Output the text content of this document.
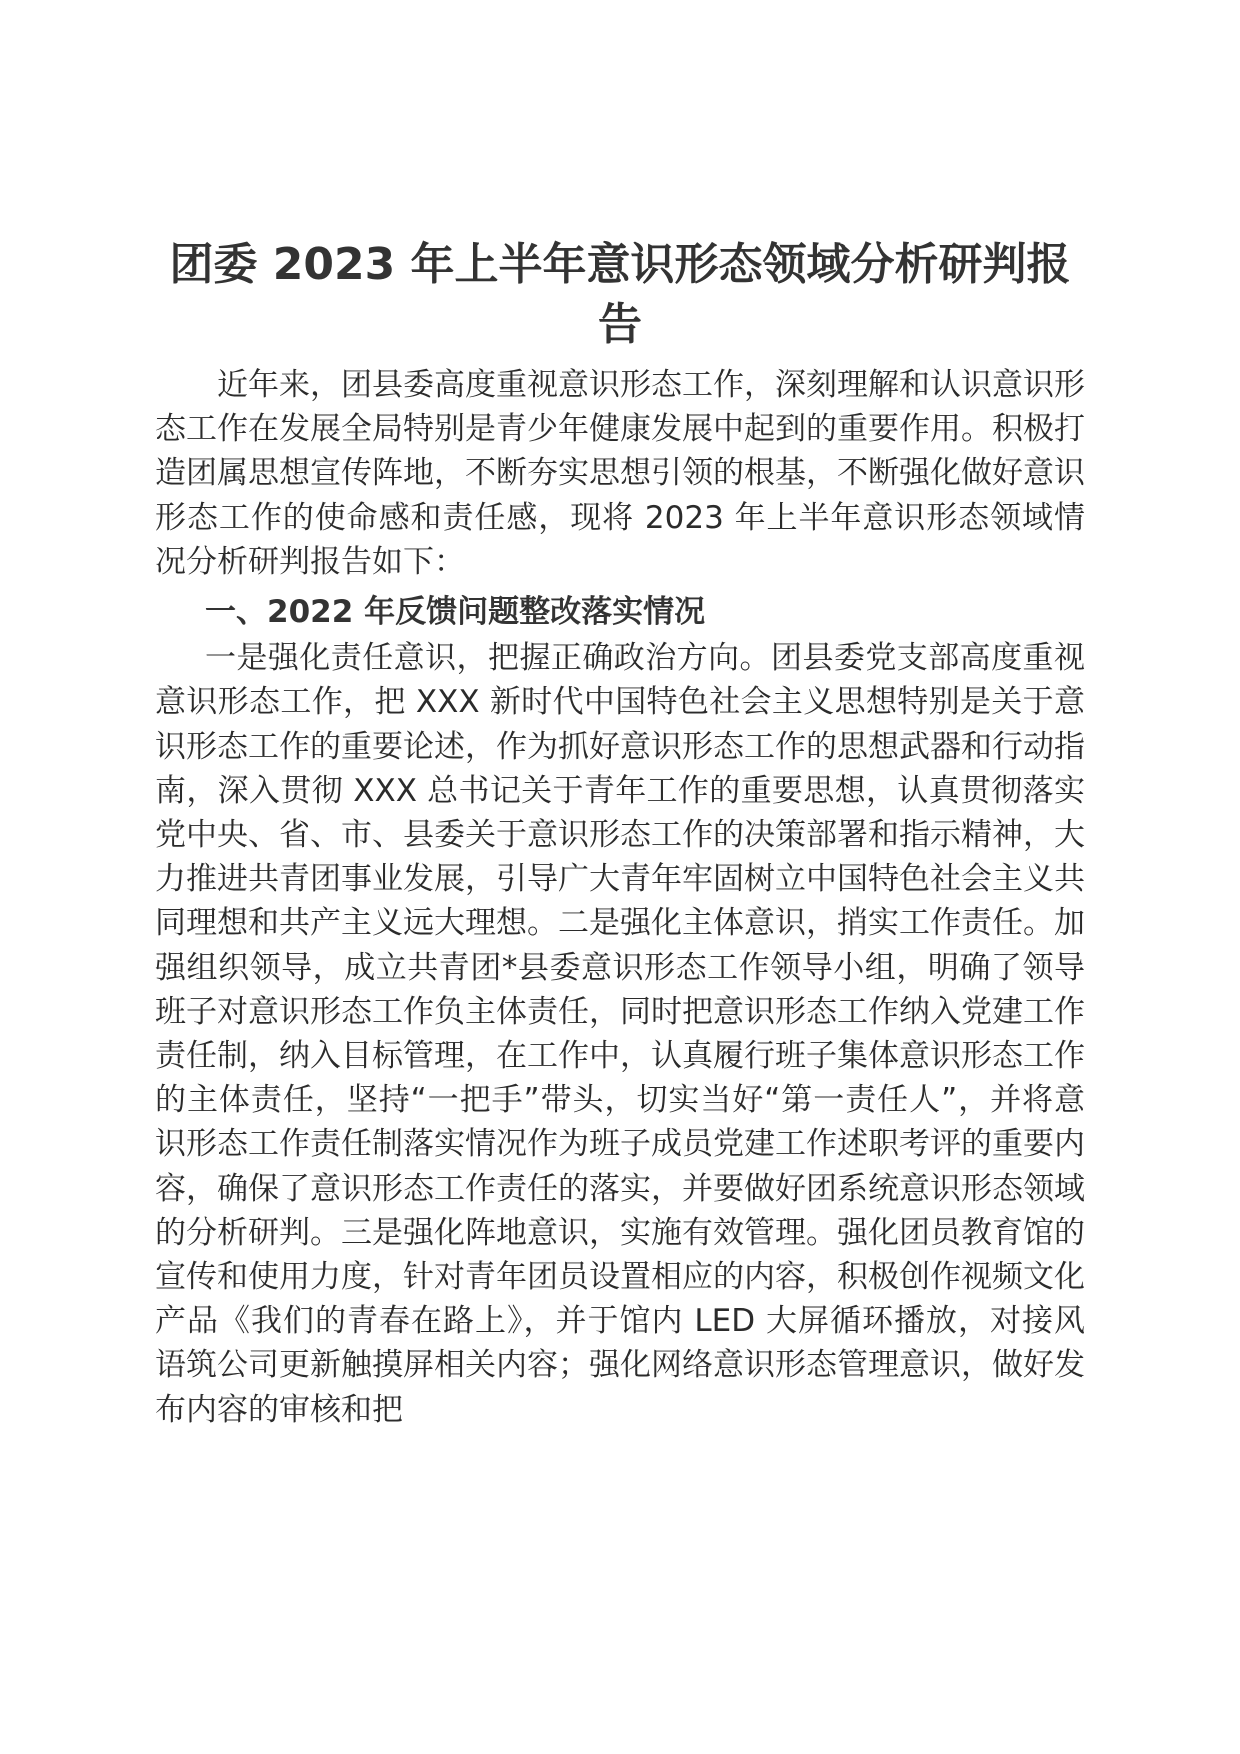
团委 2023 年上半年意识形态领域分析研判报告

近年来，团县委高度重视意识形态工作，深刻理解和认识意识形态工作在发展全局特别是青少年健康发展中起到的重要作用。积极打造团属思想宣传阵地，不断夯实思想引领的根基，不断强化做好意识形态工作的使命感和责任感，现将 2023 年上半年意识形态领域情况分析研判报告如下：

一、2022 年反馈问题整改落实情况

一是强化责任意识，把握正确政治方向。团县委党支部高度重视意识形态工作，把 XXX 新时代中国特色社会主义思想特别是关于意识形态工作的重要论述，作为抓好意识形态工作的思想武器和行动指南，深入贯彻 XXX 总书记关于青年工作的重要思想，认真贯彻落实党中央、省、市、县委关于意识形态工作的决策部署和指示精神，大力推进共青团事业发展，引导广大青年牢固树立中国特色社会主义共同理想和共产主义远大理想。二是强化主体意识，捎实工作责任。加强组织领导，成立共青团*县委意识形态工作领导小组，明确了领导班子对意识形态工作负主体责任，同时把意识形态工作纳入党建工作责任制，纳入目标管理，在工作中，认真履行班子集体意识形态工作的主体责任，坚持“一把手”带头，切实当好“第一责任人”，并将意识形态工作责任制落实情况作为班子成员党建工作述职考评的重要内容，确保了意识形态工作责任的落实，并要做好团系统意识形态领域的分析研判。三是强化阵地意识，实施有效管理。强化团员教育馆的宣传和使用力度，针对青年团员设置相应的内容，积极创作视频文化产品《我们的青春在路上》，并于馆内 LED 大屏循环播放，对接风语筑公司更新触摸屏相关内容；强化网络意识形态管理意识，做好发布内容的审核和把
